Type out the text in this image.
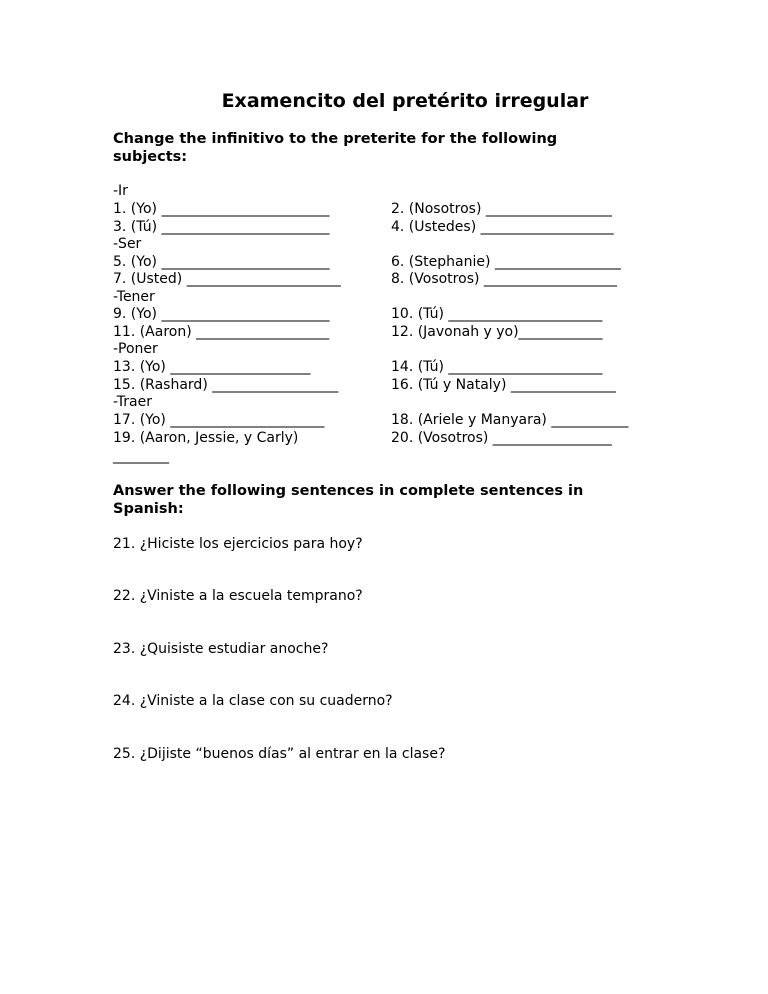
Examencito del pretérito irregular
Change the infinitivo to the preterite for the following subjects:
-Ir
1. (Yo) ________________________	2. (Nosotros) __________________
3. (Tú) ________________________	4. (Ustedes) ___________________
-Ser
5. (Yo) ________________________	6. (Stephanie) __________________
7. (Usted) ______________________	8. (Vosotros) ___________________
-Tener
9. (Yo) ________________________	10. (Tú) ______________________
11. (Aaron) ___________________	12. (Javonah y yo)____________
-Poner
13. (Yo) ____________________	14. (Tú) ______________________
15. (Rashard) __________________	16. (Tú y Nataly) _______________
-Traer
17. (Yo) ______________________	18. (Ariele y Manyara) ___________
19. (Aaron, Jessie, y Carly)	20. (Vosotros) _________________
________
Answer the following sentences in complete sentences in Spanish:
21. ¿Hiciste los ejercicios para hoy?
22. ¿Viniste a la escuela temprano?
23. ¿Quisiste estudiar anoche?
24. ¿Viniste a la clase con su cuaderno?
25. ¿Dijiste “buenos días” al entrar en la clase?
